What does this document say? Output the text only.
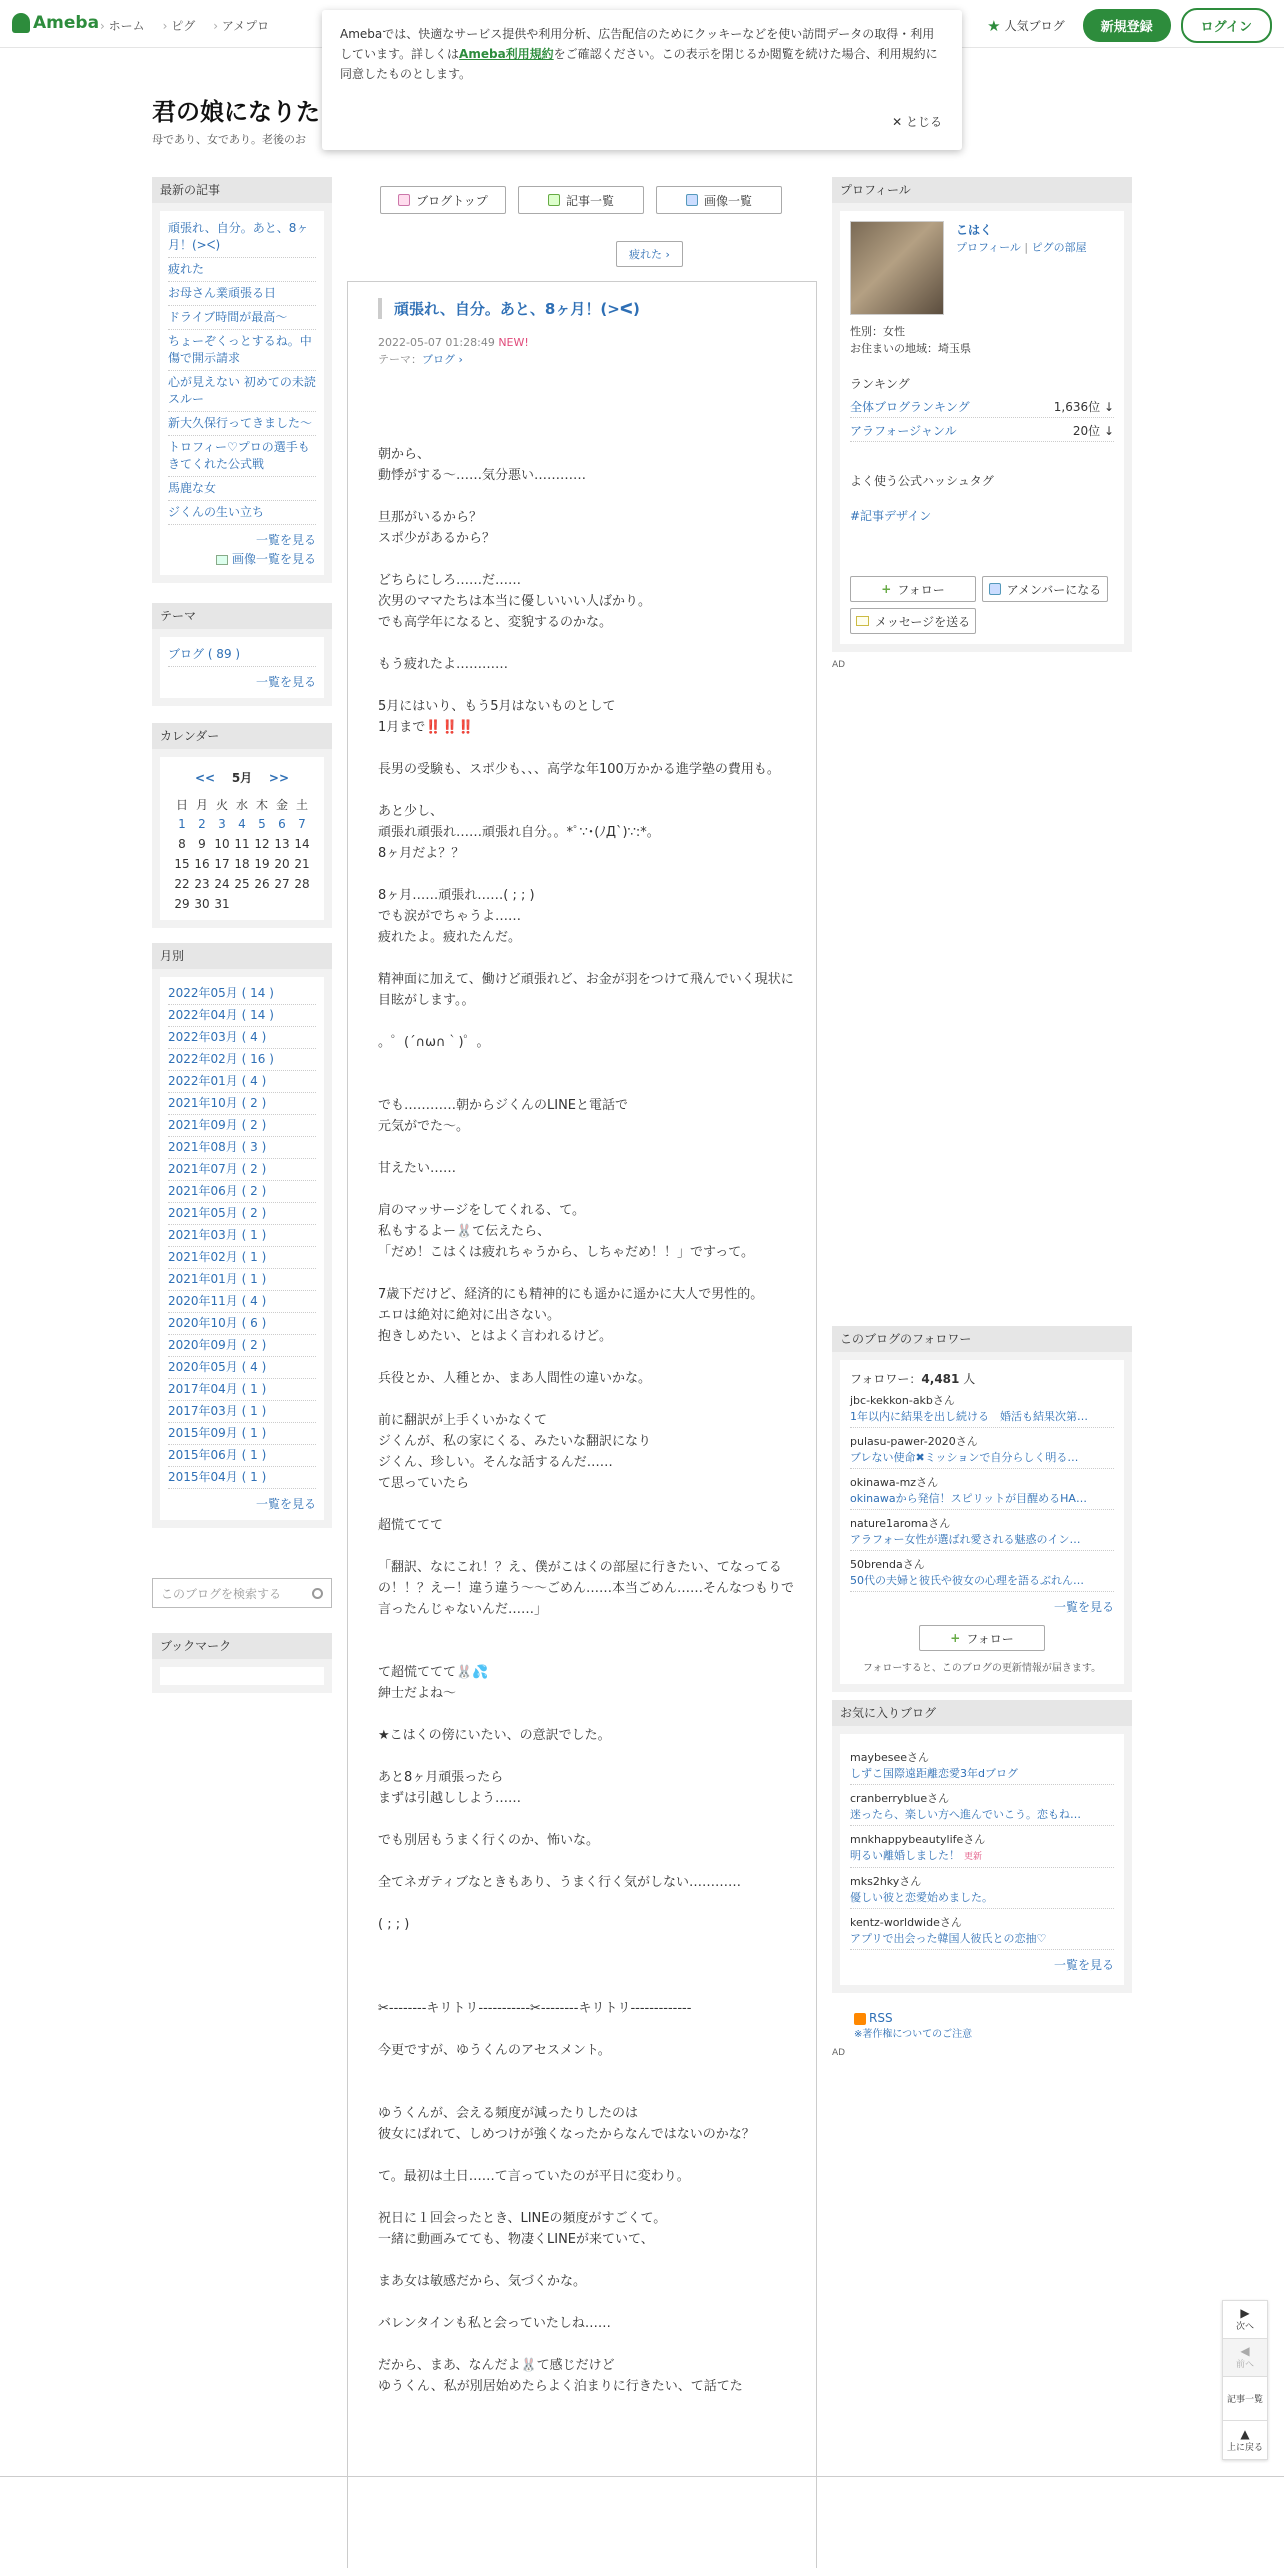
Ameba › ホーム	› ピグ	› アメプロ	★ 人気ブログ	新規登録	ログイン
Amebaでは、快適なサービス提供や利用分析、広告配信のためにクッキーなどを使い訪問データの取得・利用しています。詳しくはAmeba利用規約をご確認ください。この表示を閉じるか閲覧を続けた場合、利用規約に同意したものとします。
✕ とじる
君の娘になりた
母であり、女であり。老後のお
最新の記事
頑張れ、自分。あと、8ヶ月！(>ᐸ)
疲れた
お母さん業頑張る日
ドライブ時間が最高〜
ちょーぞくっとするね。中傷で開示請求
心が見えない 初めての未読スルー
新大久保行ってきました〜
トロフィー♡プロの選手もきてくれた公式戦
馬鹿な女
ジくんの生い立ち
一覧を見る
画像一覧を見る
テーマ
ブログ ( 89 )
一覧を見る
カレンダー
<< 5月 >>
日	月	火	水	木	金	土
1	2	3	4	5	6	7
8	9	10	11	12	13	14
15	16	17	18	19	20	21
22	23	24	25	26	27	28
29	30	31				
月別
2022年05月 ( 14 )
2022年04月 ( 14 )
2022年03月 ( 4 )
2022年02月 ( 16 )
2022年01月 ( 4 )
2021年10月 ( 2 )
2021年09月 ( 2 )
2021年08月 ( 3 )
2021年07月 ( 2 )
2021年06月 ( 2 )
2021年05月 ( 2 )
2021年03月 ( 1 )
2021年02月 ( 1 )
2021年01月 ( 1 )
2020年11月 ( 4 )
2020年10月 ( 6 )
2020年09月 ( 2 )
2020年05月 ( 4 )
2017年04月 ( 1 )
2017年03月 ( 1 )
2015年09月 ( 1 )
2015年06月 ( 1 )
2015年04月 ( 1 )
一覧を見る
このブログを検索する
ブックマーク
ブログトップ	記事一覧	画像一覧
疲れた ›
頑張れ、自分。あと、8ヶ月！(>ᐸ)
2022-05-07 01:28:49 NEW!
テーマ：ブログ ›
朝から、
動悸がする〜……気分悪い…………

旦那がいるから？
スポ少があるから？

どちらにしろ……だ……
次男のママたちは本当に優しいいい人ばかり。
でも高学年になると、変貌するのかな。

もう疲れたよ…………

5月にはいり、もう5月はないものとして
1月まで‼️‼️‼️

長男の受験も、スポ少も、、、高学な年100万かかる進学塾の費用も。

あと少し、
頑張れ頑張れ……頑張れ自分。。*ﾟ∵･(ﾉД`)∵:*。
8ヶ月だよ？？

8ヶ月……頑張れ……( ; ; )
でも涙がでちゃうよ……
疲れたよ。疲れたんだ。

精神面に加えて、働けど頑張れど、お金が羽をつけて飛んでいく現状に目眩がします。。

。゜(´∩ω∩｀)゜。

でも…………朝からジくんのLINEと電話で
元気がでた〜。

甘えたい……

肩のマッサージをしてくれる、て。
私もするよー🐰て伝えたら、
「だめ！こはくは疲れちゃうから、しちゃだめ！！」ですって。

7歳下だけど、経済的にも精神的にも遥かに遥かに大人で男性的。
エロは絶対に絶対に出さない。
抱きしめたい、とはよく言われるけど。

兵役とか、人種とか、まあ人間性の違いかな。

前に翻訳が上手くいかなくて
ジくんが、私の家にくる、みたいな翻訳になり
ジくん、珍しい。そんな話するんだ……
て思っていたら

超慌ててて

「翻訳、なにこれ！？え、僕がこはくの部屋に行きたい、てなってるの！！？えー！違う違う〜〜ごめん……本当ごめん……そんなつもりで言ったんじゃないんだ……」

て超慌ててて🐰💦
紳士だよね〜

★こはくの傍にいたい、の意訳でした。

あと8ヶ月頑張ったら
まずは引越ししよう……

でも別居もうまく行くのか、怖いな。

全てネガティブなときもあり、うまく行く気がしない…………

( ; ; )

✂--------キリトリ-----------✂--------キリトリ-------------

今更ですが、ゆうくんのアセスメント。

ゆうくんが、会える頻度が減ったりしたのは
彼女にばれて、しめつけが強くなったからなんではないのかな？

て。最初は土日……て言っていたのが平日に変わり。

祝日に１回会ったとき、LINEの頻度がすごくて。
一緒に動画みてても、物凄くLINEが来ていて、

まあ女は敏感だから、気づくかな。

バレンタインも私と会っていたしね……

だから、まあ、なんだよ🐰て感じだけど
ゆうくん、私が別居始めたらよく泊まりに行きたい、て話てた
プロフィール
こはく
プロフィール | ピグの部屋
性別：女性
お住まいの地域：埼玉県
ランキング
全体ブログランキング	1,636位 ↓
アラフォージャンル	20位 ↓
よく使う公式ハッシュタグ
#記事デザイン
+ フォロー	アメンバーになる
メッセージを送る
AD
このブログのフォロワー
フォロワー：4,481 人
jbc-kekkon-akbさん
1年以内に結果を出し続ける　婚活も結果次第…
pulasu-pawer-2020さん
ブレない使命✖ミッションで自分らしく明る…
okinawa-mzさん
okinawaから発信！スピリットが目醒めるHA…
nature1aromaさん
アラフォー女性が選ばれ愛される魅惑のイン…
50brendaさん
50代の夫婦と彼氏や彼女の心理を語るぶれん…
一覧を見る
+ フォロー
フォローすると、このブログの更新情報が届きます。
お気に入りブログ
maybeseeさん
しずこ国際遠距離恋愛3年dブログ
cranberryblueさん
迷ったら、楽しい方へ進んでいこう。恋もね…
mnkhappybeautylifeさん
明るい離婚しました！ 更新
mks2hkyさん
優しい彼と恋愛始めました。
kentz-worldwideさん
アプリで出会った韓国人彼氏との恋抽♡
一覧を見る
RSS
※著作権についてのご注意
AD
▶
次へ
◀
前へ
記事一覧
▲
上に戻る
